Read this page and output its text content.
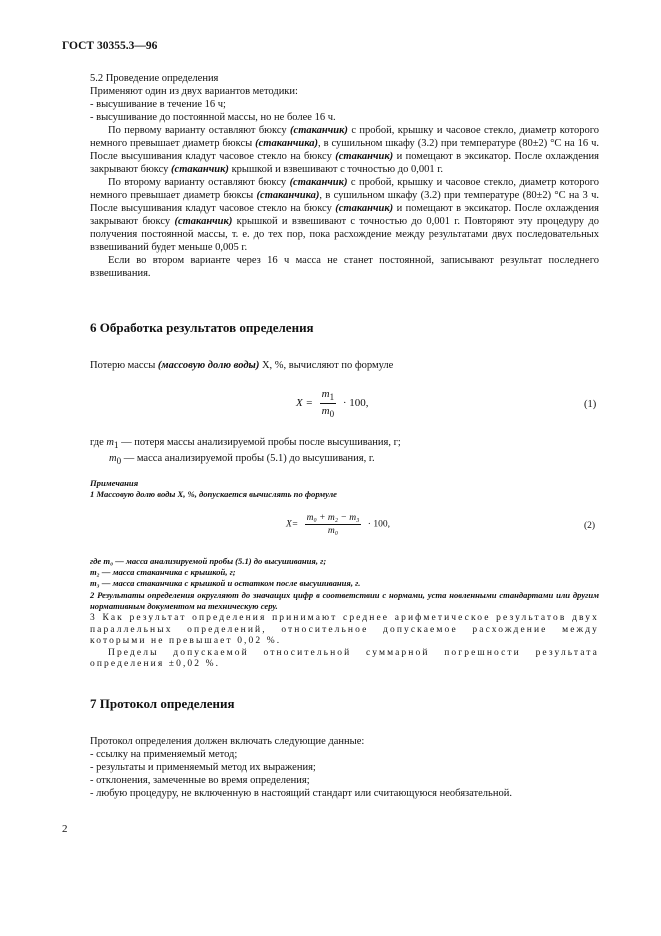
ГОСТ 30355.3—96

5.2 Проведение определения

Применяют один из двух вариантов методики:

- высушивание в течение 16 ч;

- высушивание до постоянной массы, но не более 16 ч.

По первому варианту оставляют бюксу (стаканчик) с пробой, крышку и часовое стекло, диаметр которого немного превышает диаметр бюксы (стаканчика), в сушильном шкафу (3.2) при температуре (80±2) °С на 16 ч. После высушивания кладут часовое стекло на бюксу (стаканчик) и помещают в эксикатор. После охлаждения закрывают бюксу (стаканчик) крышкой и взвешивают с точностью до 0,001 г.

По второму варианту оставляют бюксу (стаканчик) с пробой, крышку и часовое стекло, диаметр которого немного превышает диаметр бюксы (стаканчика), в сушильном шкафу (3.2) при температуре (80±2) °С на 3 ч. После высушивания кладут часовое стекло на бюксу (стаканчик) и помещают в эксикатор. После охлаждения закрывают бюксу (стаканчик) крышкой и взвешивают с точностью до 0,001 г. Повторяют эту процедуру до получения постоянной массы, т. е. до тех пор, пока расхождение между результатами двух последовательных взвешиваний будет меньше 0,005 г.

Если во втором варианте через 16 ч масса не станет постоянной, записывают результат последнего взвешивания.

6 Обработка результатов определения
Потерю массы (массовую долю воды) X, %, вычисляют по формуле
$X = \frac{m_1}{m_0} \cdot 100$,	(1)

где $m_1$ — потеря массы анализируемой пробы после высушивания, г;

$m_0$ — масса анализируемой пробы (5.1) до высушивания, г.

Примечания
1 Массовую долю воды X, %, допускается вычислять по формуле
$X= \frac{\text{m₀ + m₂ − m₃}}{\text{m₀}} \cdot 100$,	(2)
где m₀ — масса анализируемой пробы (5.1) до высушивания, г;
m₂ — масса стаканчика с крышкой, г;
m₃ — масса стаканчика с крышкой и остатком после высушивания, г.
2 Результаты определения округляют до значащих цифр в соответствии с нормами, уста новленными стандартами или другим нормативным документом на техническую серу.
3 Как результат определения принимают среднее арифметическое результатов двух параллельных определений, относительное допускаемое расхождение между которыми не превышает 0,02 %.
Пределы допускаемой относительной суммарной погрешности результата определения ±0,02 %.
7 Протокол определения

Протокол определения должен включать следующие данные:

- ссылку на применяемый метод;

- результаты и применяемый метод их выражения;

- отклонения, замеченные во время определения;

- любую процедуру, не включенную в настоящий стандарт или считающуюся необязательной.

2
